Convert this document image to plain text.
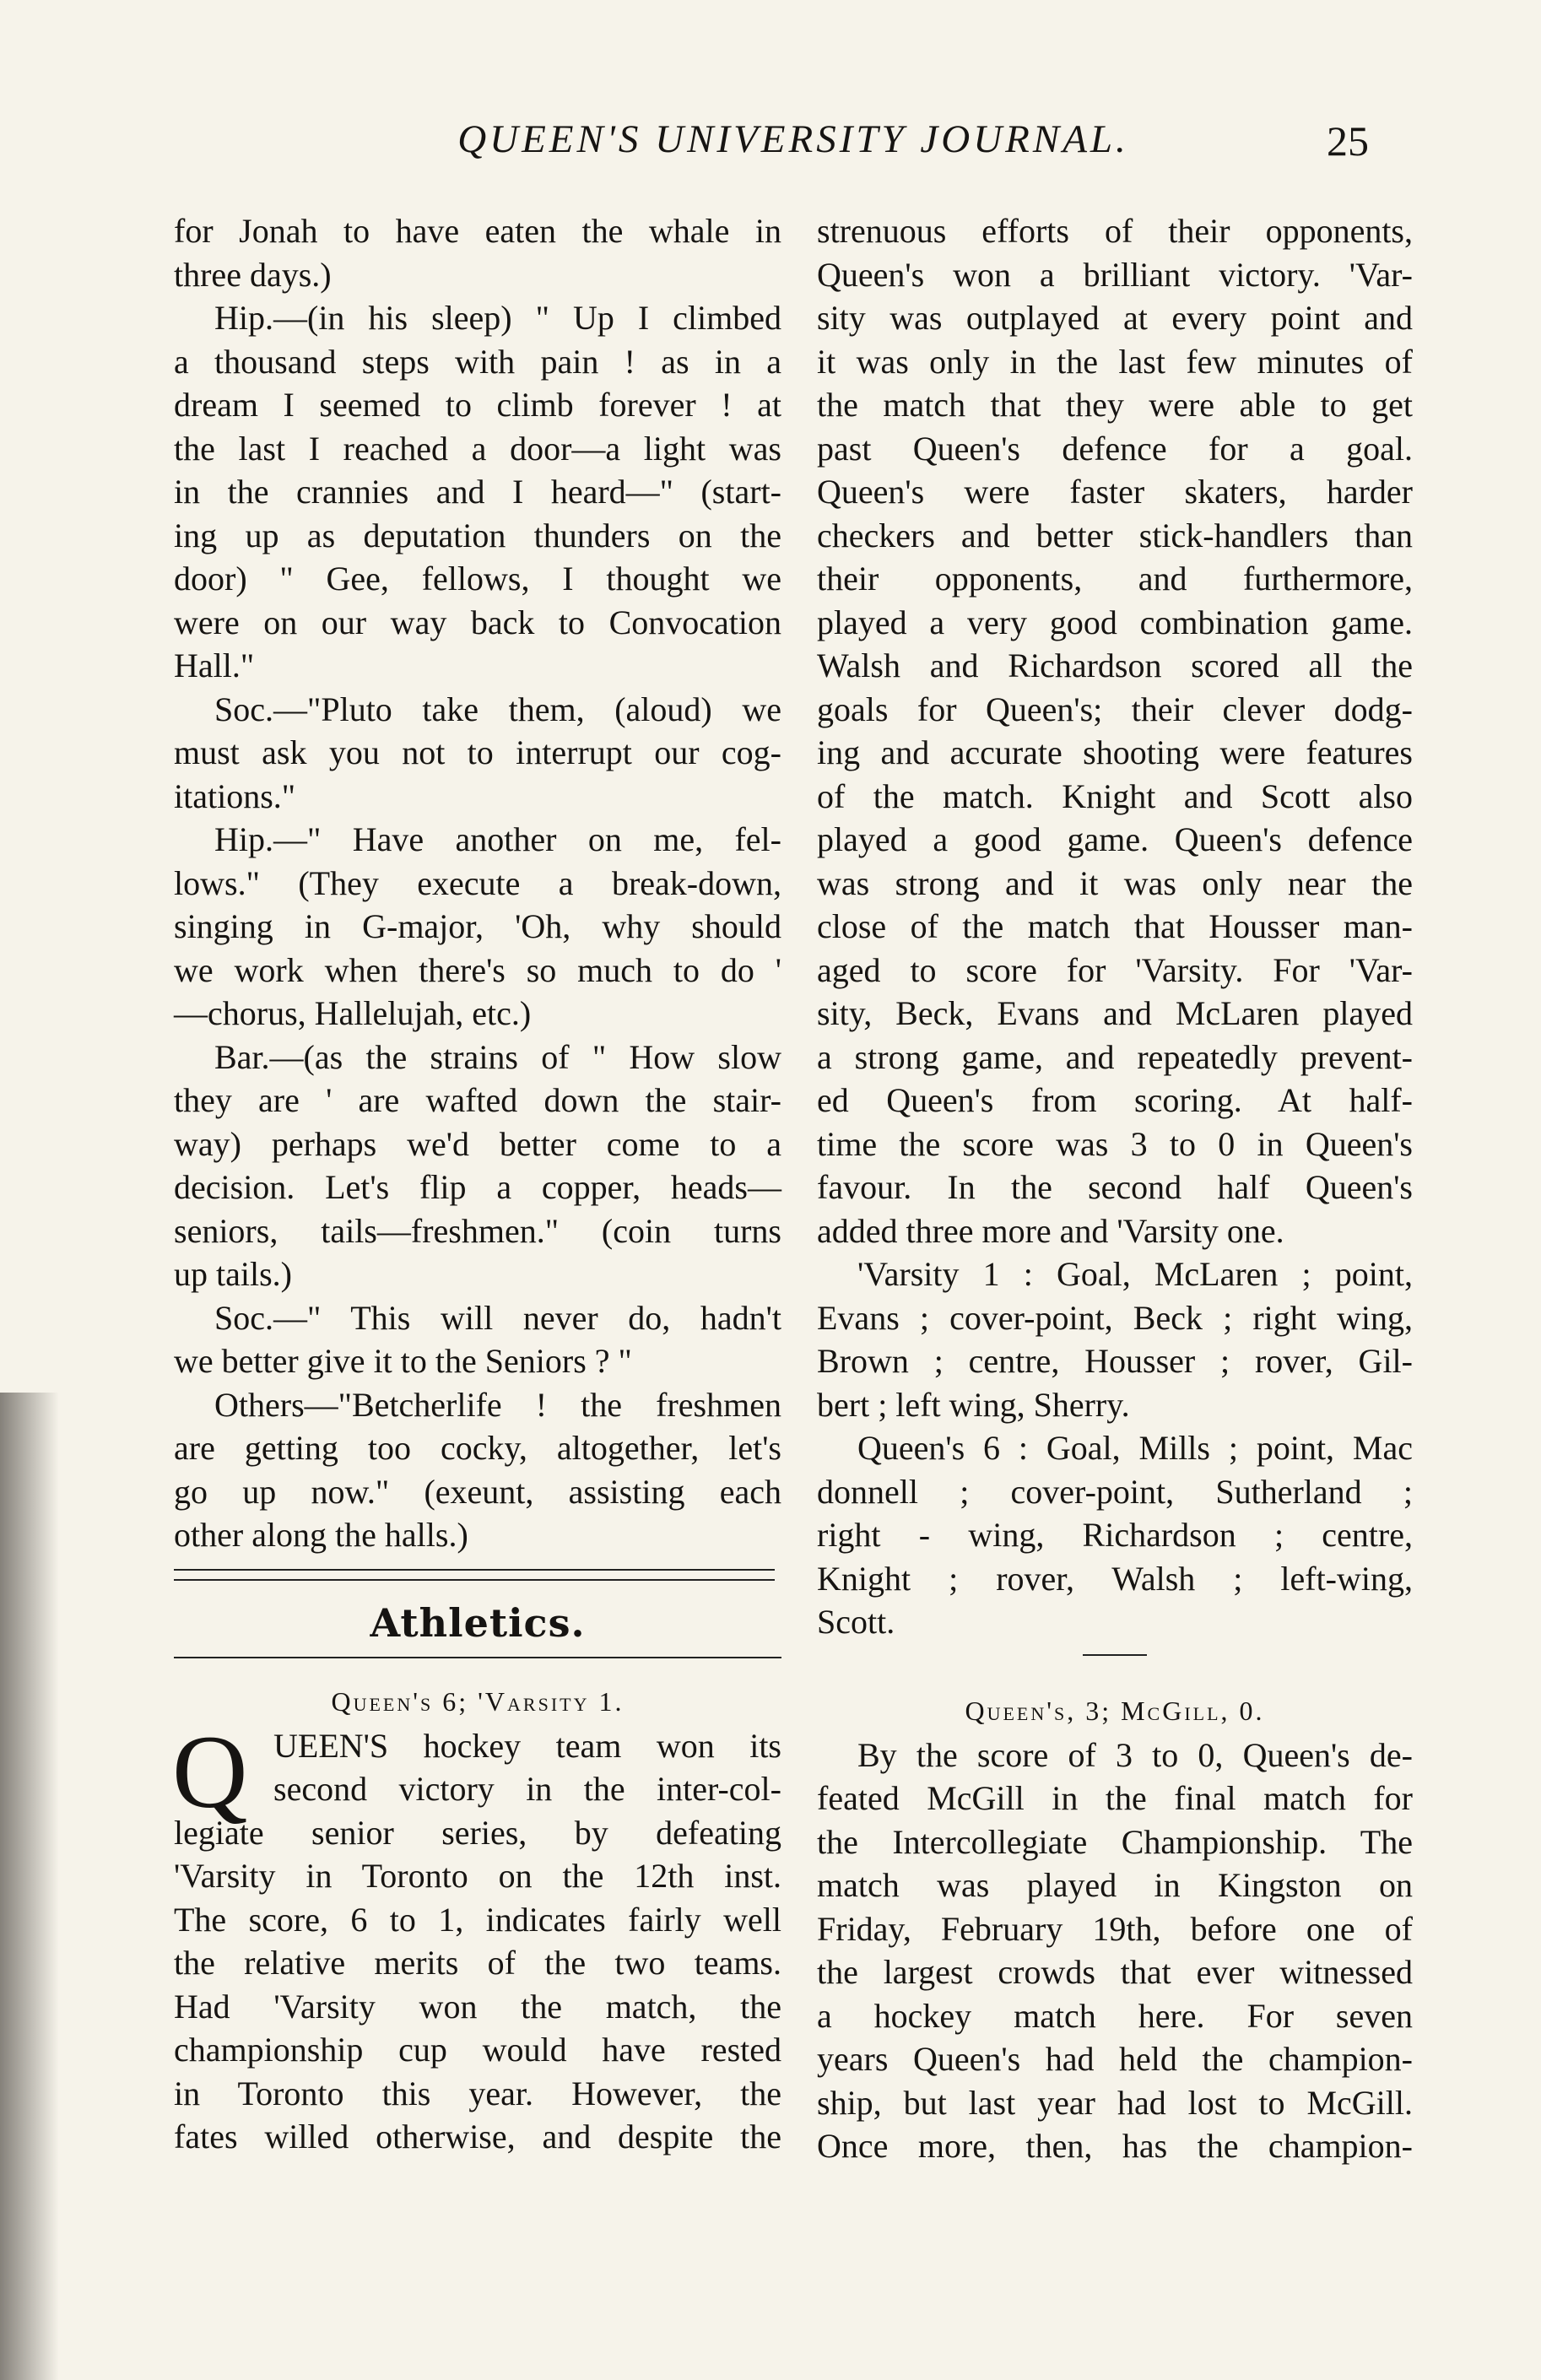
QUEEN'S UNIVERSITY JOURNAL.	25
for Jonah to have eaten the whale in
three days.)
Hip.—(in his sleep) " Up I climbed
a thousand steps with pain ! as in a
dream I seemed to climb forever ! at
the last I reached a door—a light was
in the crannies and I heard—" (start-
ing up as deputation thunders on the
door) " Gee, fellows, I thought we
were on our way back to Convocation
Hall."
Soc.—"Pluto take them, (aloud) we
must ask you not to interrupt our cog-
itations."
Hip.—" Have another on me, fel-
lows." (They execute a break-down,
singing in G-major, 'Oh, why should
we work when there's so much to do '
—chorus, Hallelujah, etc.)
Bar.—(as the strains of " How slow
they are ' are wafted down the stair-
way) perhaps we'd better come to a
decision. Let's flip a copper, heads—
seniors, tails—freshmen." (coin turns
up tails.)
Soc.—" This will never do, hadn't
we better give it to the Seniors ? "
Others—"Betcherlife ! the freshmen
are getting too cocky, altogether, let's
go up now." (exeunt, assisting each
other along the halls.)
Athletics.
Queen's 6; 'Varsity 1.
Q UEEN'S hockey team won its
second victory in the inter-col-
legiate senior series, by defeating
'Varsity in Toronto on the 12th inst.
The score, 6 to 1, indicates fairly well
the relative merits of the two teams.
Had 'Varsity won the match, the
championship cup would have rested
in Toronto this year. However, the
fates willed otherwise, and despite the
strenuous efforts of their opponents,
Queen's won a brilliant victory. 'Var-
sity was outplayed at every point and
it was only in the last few minutes of
the match that they were able to get
past Queen's defence for a goal.
Queen's were faster skaters, harder
checkers and better stick-handlers than
their opponents, and furthermore,
played a very good combination game.
Walsh and Richardson scored all the
goals for Queen's; their clever dodg-
ing and accurate shooting were features
of the match. Knight and Scott also
played a good game. Queen's defence
was strong and it was only near the
close of the match that Housser man-
aged to score for 'Varsity. For 'Var-
sity, Beck, Evans and McLaren played
a strong game, and repeatedly prevent-
ed Queen's from scoring. At half-
time the score was 3 to 0 in Queen's
favour. In the second half Queen's
added three more and 'Varsity one.
'Varsity 1 : Goal, McLaren ; point,
Evans ; cover-point, Beck ; right wing,
Brown ; centre, Housser ; rover, Gil-
bert ; left wing, Sherry.
Queen's 6 : Goal, Mills ; point, Mac
donnell ; cover-point, Sutherland ;
right - wing, Richardson ; centre,
Knight ; rover, Walsh ; left-wing,
Scott.
Queen's, 3; McGill, 0.
By the score of 3 to 0, Queen's de-
feated McGill in the final match for
the Intercollegiate Championship. The
match was played in Kingston on
Friday, February 19th, before one of
the largest crowds that ever witnessed
a hockey match here. For seven
years Queen's had held the champion-
ship, but last year had lost to McGill.
Once more, then, has the champion-
